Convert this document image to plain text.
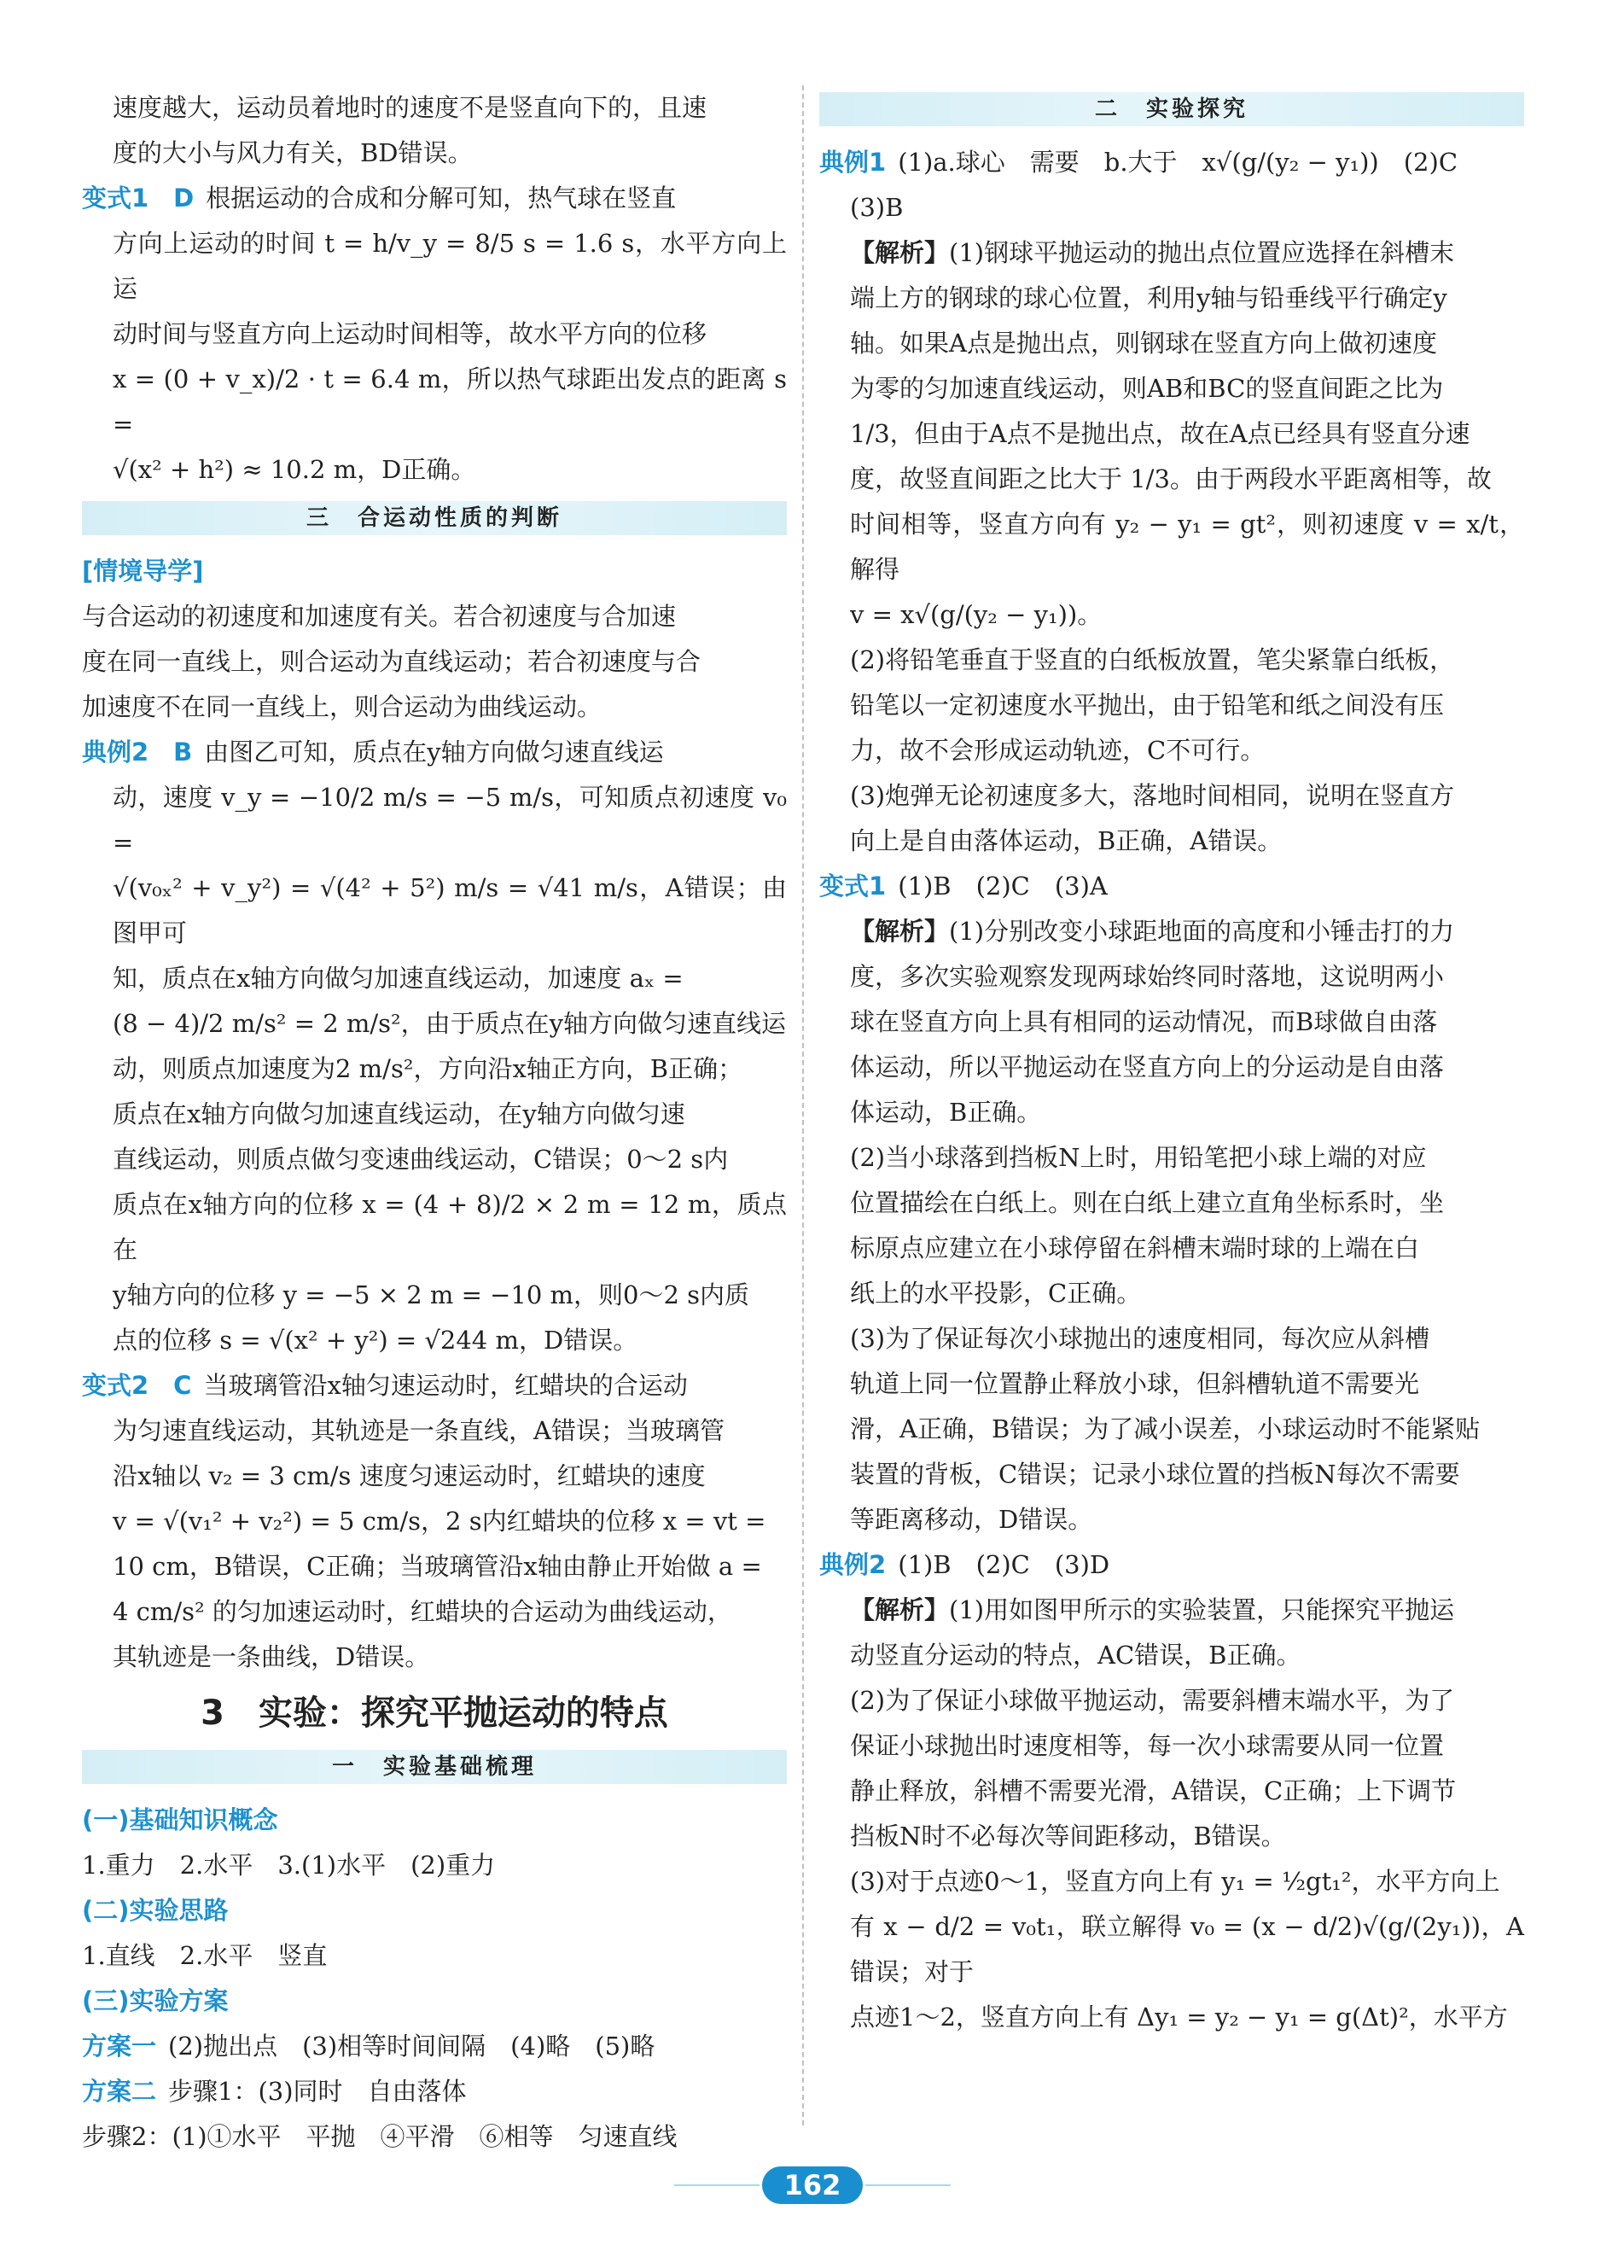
速度越大，运动员着地时的速度不是竖直向下的，且速

度的大小与风力有关，BD错误。

变式1　D 根据运动的合成和分解可知，热气球在竖直

方向上运动的时间 t = h/v_y = 8/5 s = 1.6 s，水平方向上运

动时间与竖直方向上运动时间相等，故水平方向的位移

x = (0 + v_x)/2 · t = 6.4 m，所以热气球距出发点的距离 s =

√(x² + h²) ≈ 10.2 m，D正确。

三　合运动性质的判断
[情境导学]

与合运动的初速度和加速度有关。若合初速度与合加速

度在同一直线上，则合运动为直线运动；若合初速度与合

加速度不在同一直线上，则合运动为曲线运动。

典例2　B 由图乙可知，质点在y轴方向做匀速直线运

动，速度 v_y = −10/2 m/s = −5 m/s，可知质点初速度 v₀ =

√(v₀ₓ² + v_y²) = √(4² + 5²) m/s = √41 m/s，A错误；由图甲可

知，质点在x轴方向做匀加速直线运动，加速度 aₓ =

(8 − 4)/2 m/s² = 2 m/s²，由于质点在y轴方向做匀速直线运

动，则质点加速度为2 m/s²，方向沿x轴正方向，B正确；

质点在x轴方向做匀加速直线运动，在y轴方向做匀速

直线运动，则质点做匀变速曲线运动，C错误；0～2 s内

质点在x轴方向的位移 x = (4 + 8)/2 × 2 m = 12 m，质点在

y轴方向的位移 y = −5 × 2 m = −10 m，则0～2 s内质

点的位移 s = √(x² + y²) = √244 m，D错误。

变式2　C 当玻璃管沿x轴匀速运动时，红蜡块的合运动

为匀速直线运动，其轨迹是一条直线，A错误；当玻璃管

沿x轴以 v₂ = 3 cm/s 速度匀速运动时，红蜡块的速度

v = √(v₁² + v₂²) = 5 cm/s，2 s内红蜡块的位移 x = vt =

10 cm，B错误，C正确；当玻璃管沿x轴由静止开始做 a =

4 cm/s² 的匀加速运动时，红蜡块的合运动为曲线运动，

其轨迹是一条曲线，D错误。

3　实验：探究平抛运动的特点
一　实验基础梳理
(一)基础知识概念

1.重力　2.水平　3.(1)水平　(2)重力

(二)实验思路

1.直线　2.水平　竖直

(三)实验方案

方案一 (2)抛出点　(3)相等时间间隔　(4)略　(5)略

方案二 步骤1：(3)同时　自由落体

步骤2：(1)①水平　平抛　④平滑　⑥相等　匀速直线

二　实验探究

典例1 (1)a.球心　需要　b.大于　x√(g/(y₂ − y₁))　(2)C

(3)B

【解析】(1)钢球平抛运动的抛出点位置应选择在斜槽末

端上方的钢球的球心位置，利用y轴与铅垂线平行确定y

轴。如果A点是抛出点，则钢球在竖直方向上做初速度

为零的匀加速直线运动，则AB和BC的竖直间距之比为

1/3，但由于A点不是抛出点，故在A点已经具有竖直分速

度，故竖直间距之比大于 1/3。由于两段水平距离相等，故

时间相等，竖直方向有 y₂ − y₁ = gt²，则初速度 v = x/t，解得

v = x√(g/(y₂ − y₁))。

(2)将铅笔垂直于竖直的白纸板放置，笔尖紧靠白纸板，

铅笔以一定初速度水平抛出，由于铅笔和纸之间没有压

力，故不会形成运动轨迹，C不可行。

(3)炮弹无论初速度多大，落地时间相同，说明在竖直方

向上是自由落体运动，B正确，A错误。

变式1 (1)B　(2)C　(3)A

【解析】(1)分别改变小球距地面的高度和小锤击打的力

度，多次实验观察发现两球始终同时落地，这说明两小

球在竖直方向上具有相同的运动情况，而B球做自由落

体运动，所以平抛运动在竖直方向上的分运动是自由落

体运动，B正确。

(2)当小球落到挡板N上时，用铅笔把小球上端的对应

位置描绘在白纸上。则在白纸上建立直角坐标系时，坐

标原点应建立在小球停留在斜槽末端时球的上端在白

纸上的水平投影，C正确。

(3)为了保证每次小球抛出的速度相同，每次应从斜槽

轨道上同一位置静止释放小球，但斜槽轨道不需要光

滑，A正确，B错误；为了减小误差，小球运动时不能紧贴

装置的背板，C错误；记录小球位置的挡板N每次不需要

等距离移动，D错误。

典例2 (1)B　(2)C　(3)D

【解析】(1)用如图甲所示的实验装置，只能探究平抛运

动竖直分运动的特点，AC错误，B正确。

(2)为了保证小球做平抛运动，需要斜槽末端水平，为了

保证小球抛出时速度相等，每一次小球需要从同一位置

静止释放，斜槽不需要光滑，A错误，C正确；上下调节

挡板N时不必每次等间距移动，B错误。

(3)对于点迹0～1，竖直方向上有 y₁ = ½gt₁²，水平方向上

有 x − d/2 = v₀t₁，联立解得 v₀ = (x − d/2)√(g/(2y₁))，A错误；对于

点迹1～2，竖直方向上有 Δy₁ = y₂ − y₁ = g(Δt)²，水平方

162
